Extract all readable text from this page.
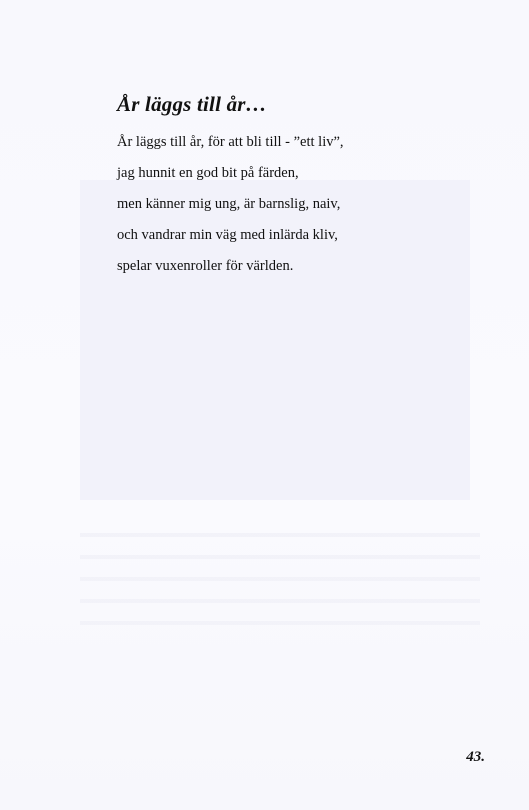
År läggs till år…
År läggs till år, för att bli till - ”ett liv”,
jag hunnit en god bit på färden,
men känner mig ung, är barnslig, naiv,
och vandrar min väg med inlärda kliv,
spelar vuxenroller för världen.
43.
